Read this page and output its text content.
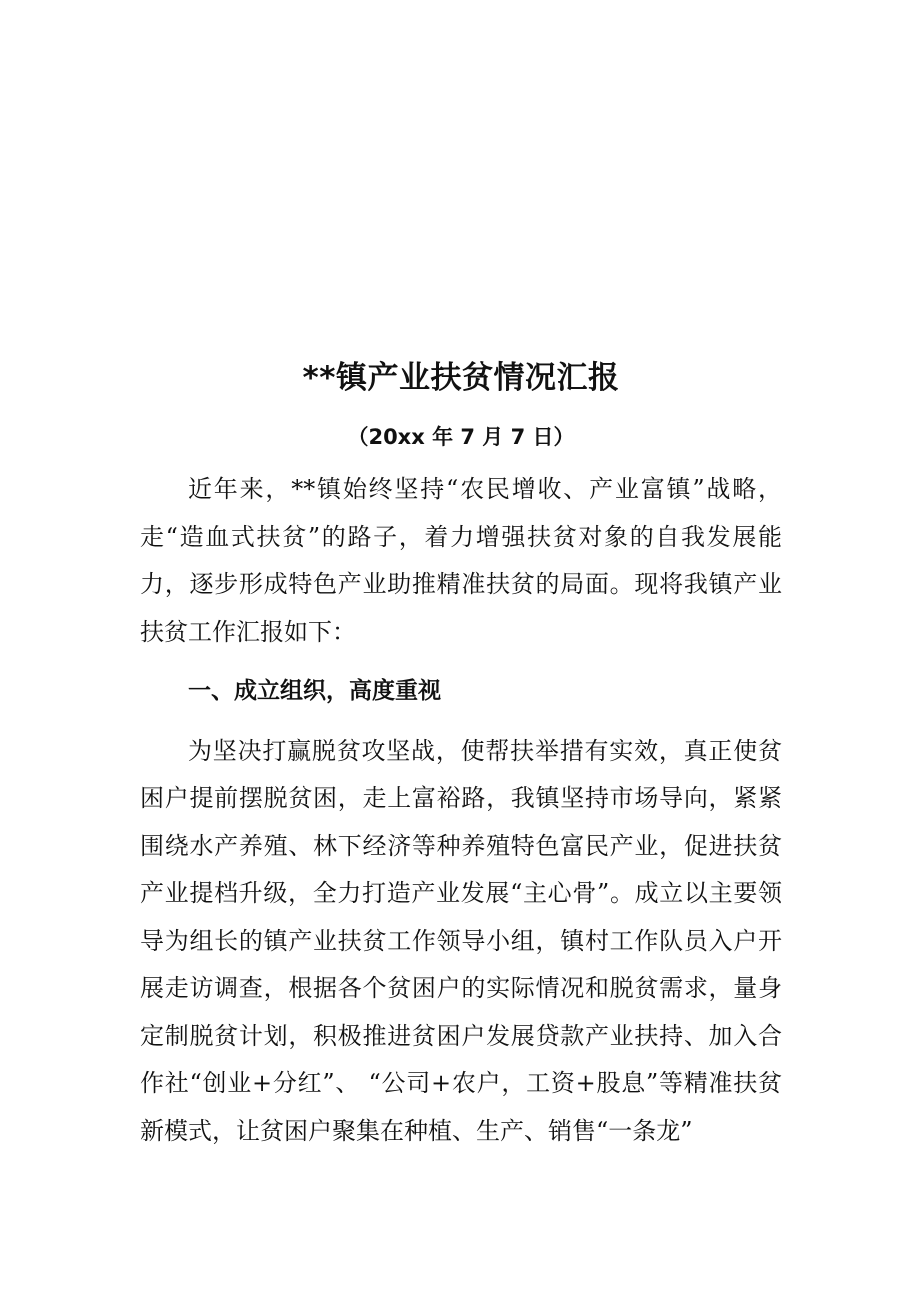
**镇产业扶贫情况汇报
（20xx 年 7 月 7 日）

近年来，**镇始终坚持“农民增收、产业富镇”战略，走“造血式扶贫”的路子，着力增强扶贫对象的自我发展能力，逐步形成特色产业助推精准扶贫的局面。现将我镇产业扶贫工作汇报如下：

一、成立组织，高度重视

为坚决打赢脱贫攻坚战，使帮扶举措有实效，真正使贫困户提前摆脱贫困，走上富裕路，我镇坚持市场导向，紧紧围绕水产养殖、林下经济等种养殖特色富民产业，促进扶贫产业提档升级，全力打造产业发展“主心骨”。成立以主要领导为组长的镇产业扶贫工作领导小组，镇村工作队员入户开展走访调查，根据各个贫困户的实际情况和脱贫需求，量身定制脱贫计划，积极推进贫困户发展贷款产业扶持、加入合作社“创业+分红”、 “公司+农户，工资+股息”等精准扶贫新模式，让贫困户聚集在种植、生产、销售“一条龙”
